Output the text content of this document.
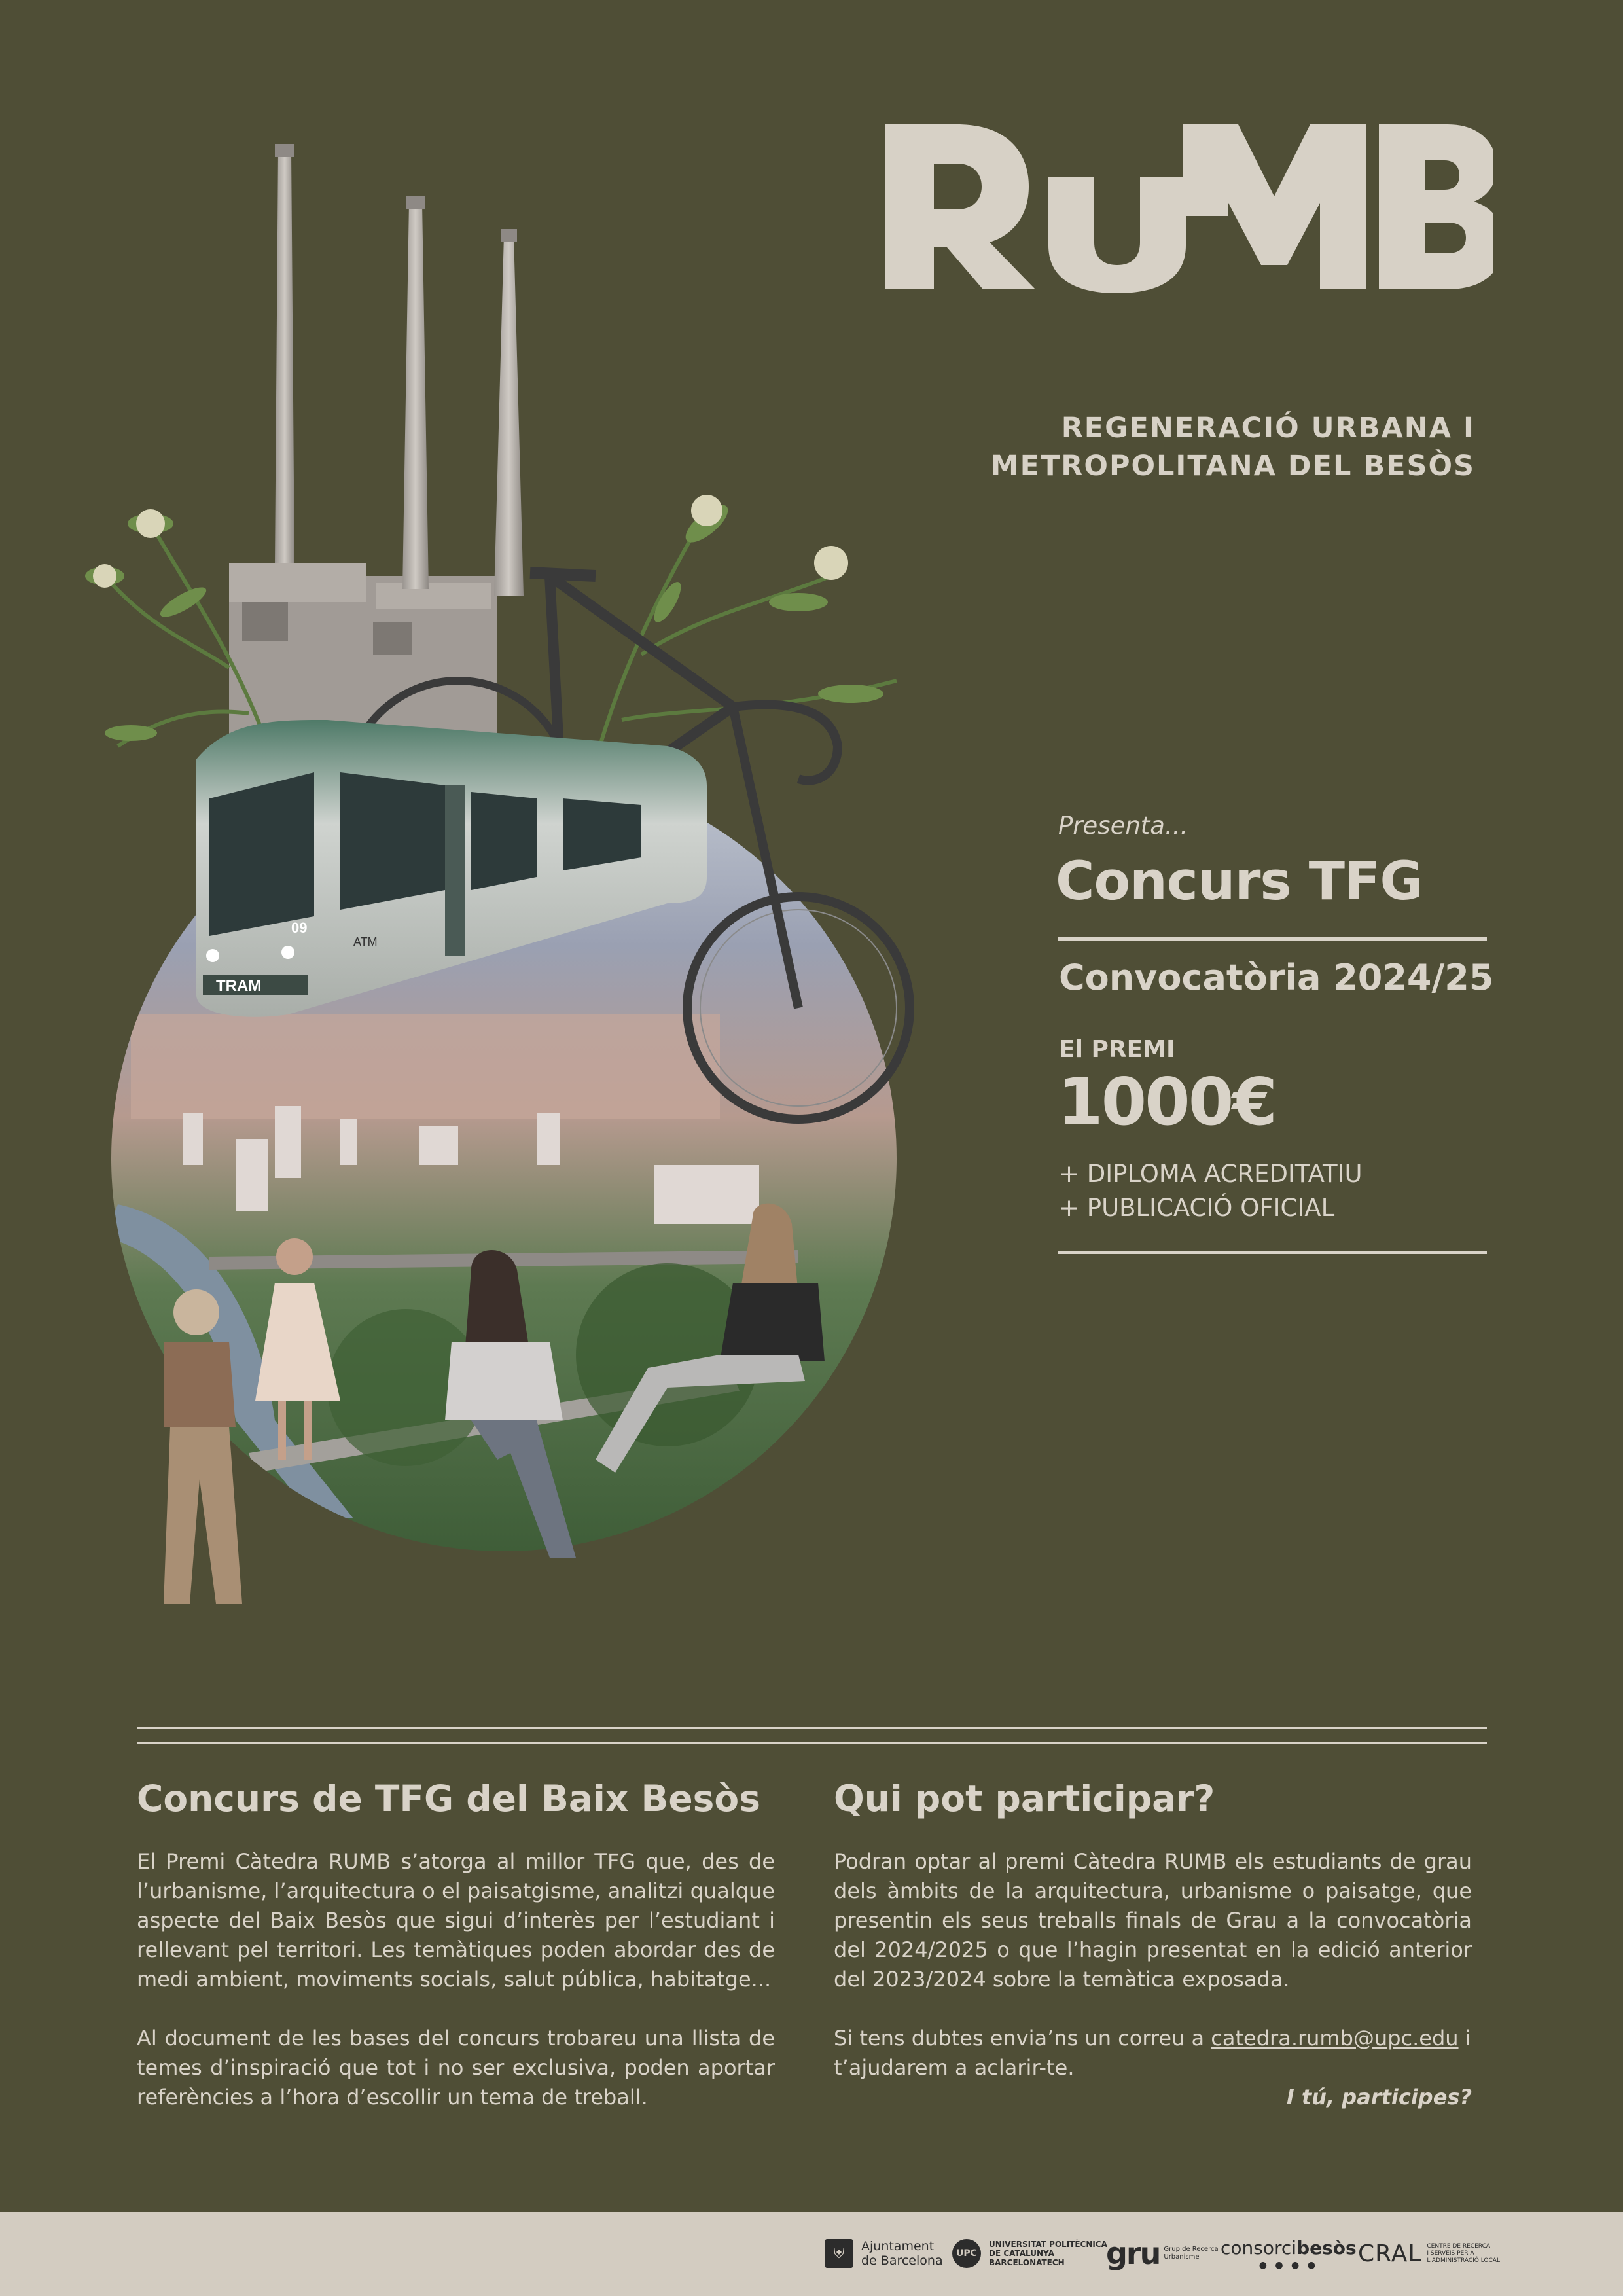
REGENERACIÓ URBANA I
METROPOLITANA DEL BESÒS
TRAM
09
ATM
Presenta...
Concurs TFG
Convocatòria 2024/25
El PREMI
1000€
+ DIPLOMA ACREDITATIU
+ PUBLICACIÓ OFICIAL
Concurs de TFG del Baix Besòs

El Premi Càtedra RUMB s’atorga al millor TFG que, des de l’urbanisme, l’arquitectura o el paisatgisme, analitzi qualque aspecte del Baix Besòs que sigui d’interès per l’estudiant i rellevant pel territori. Les temàtiques poden abordar des de medi ambient, moviments socials, salut pública, habitatge...

Al document de les bases del concurs trobareu una llista de temes d’inspiració que tot i no ser exclusiva, poden aportar referències a l’hora d’escollir un tema de treball.

Qui pot participar?

Podran optar al premi Càtedra RUMB els estudiants de grau dels àmbits de la arquitectura, urbanisme o paisatge, que presentin els seus treballs finals de Grau a la convocatòria del 2024/2025 o que l’hagin presentat en la edició anterior del 2023/2024 sobre la temàtica exposada.

Si tens dubtes envia’ns un correu a catedra.rumb@upc.edu i t’ajudarem a aclarir-te.

I tú, participes?

⛨	Ajuntament
de Barcelona	UPC
UNIVERSITAT POLITÈCNICA
DE CATALUNYA
BARCELONATECH	gru Grup de Recerca
Urbanisme	consorcibesòs
● ● ● ● CRAL CENTRE DE RECERCA
I SERVEIS PER A
L'ADMINISTRACIÓ LOCAL
